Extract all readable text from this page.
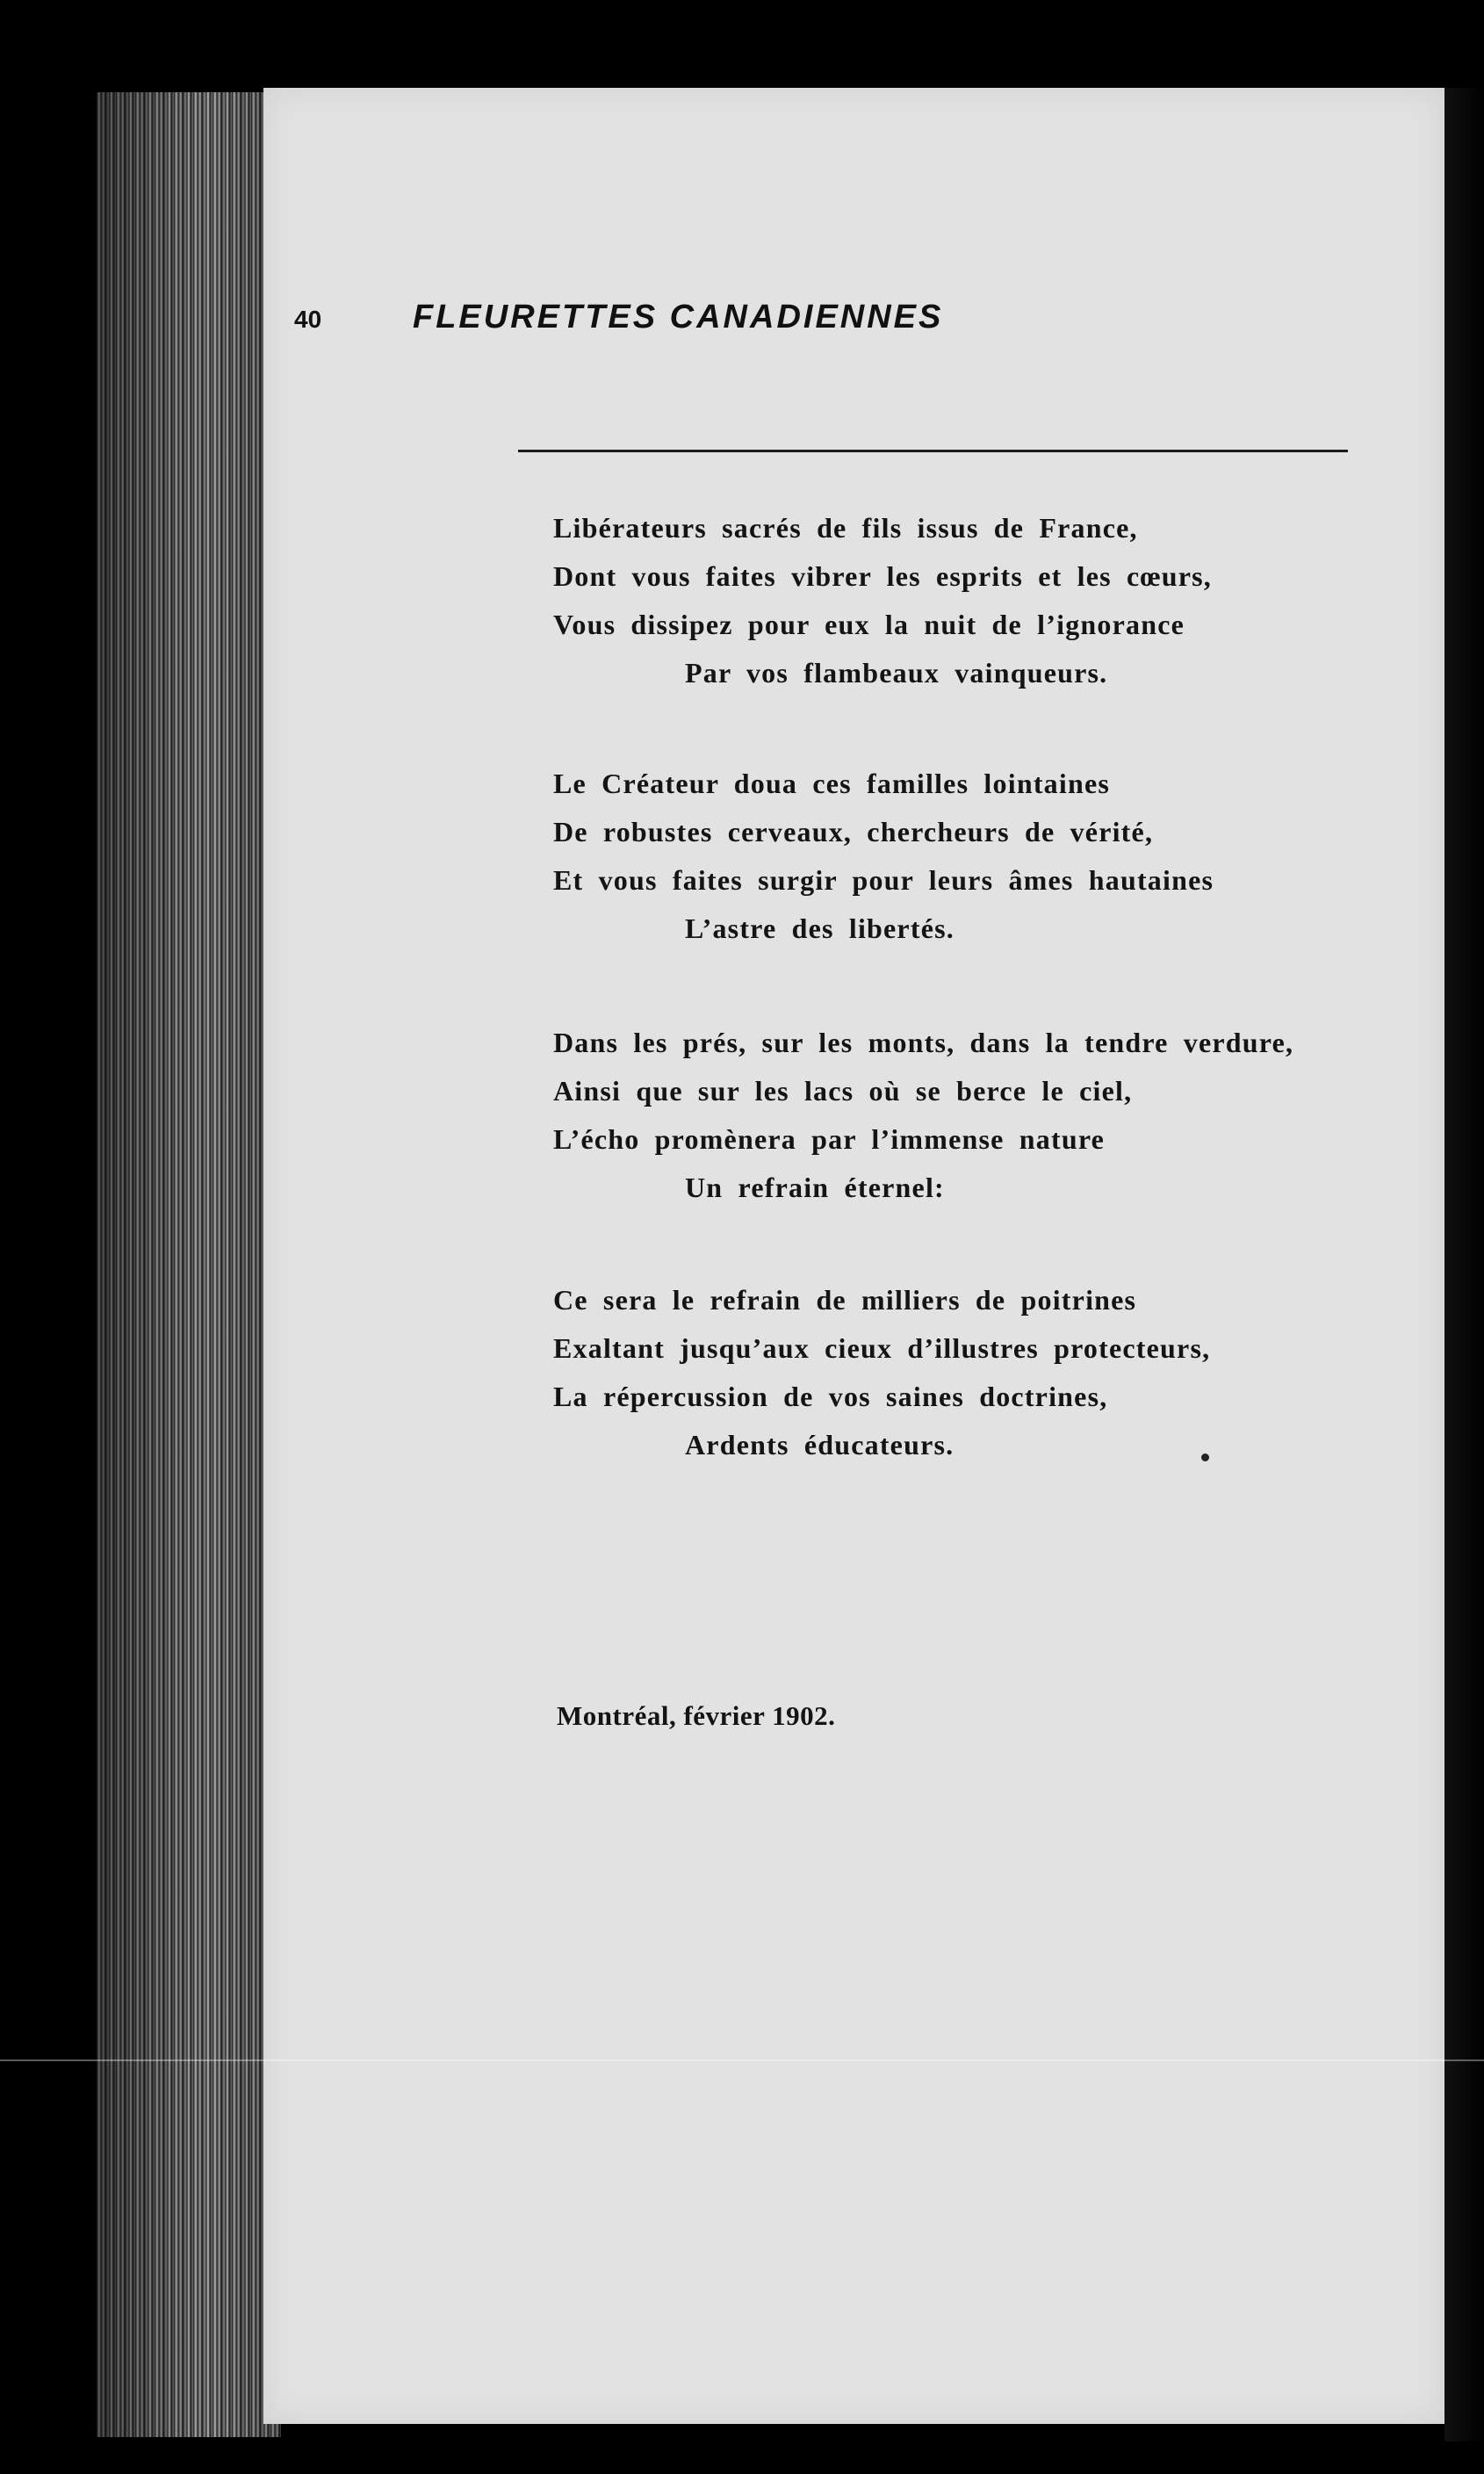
40	FLEURETTES CANADIENNES
Libérateurs sacrés de fils issus de France,
Dont vous faites vibrer les esprits et les cœurs,
Vous dissipez pour eux la nuit de l’ignorance
Par vos flambeaux vainqueurs.
Le Créateur doua ces familles lointaines
De robustes cerveaux, chercheurs de vérité,
Et vous faites surgir pour leurs âmes hautaines
L’astre des libertés.
Dans les prés, sur les monts, dans la tendre verdure,
Ainsi que sur les lacs où se berce le ciel,
L’écho promènera par l’immense nature
Un refrain éternel:
Ce sera le refrain de milliers de poitrines
Exaltant jusqu’aux cieux d’illustres protecteurs,
La répercussion de vos saines doctrines,
Ardents éducateurs.
Montréal, février 1902.
